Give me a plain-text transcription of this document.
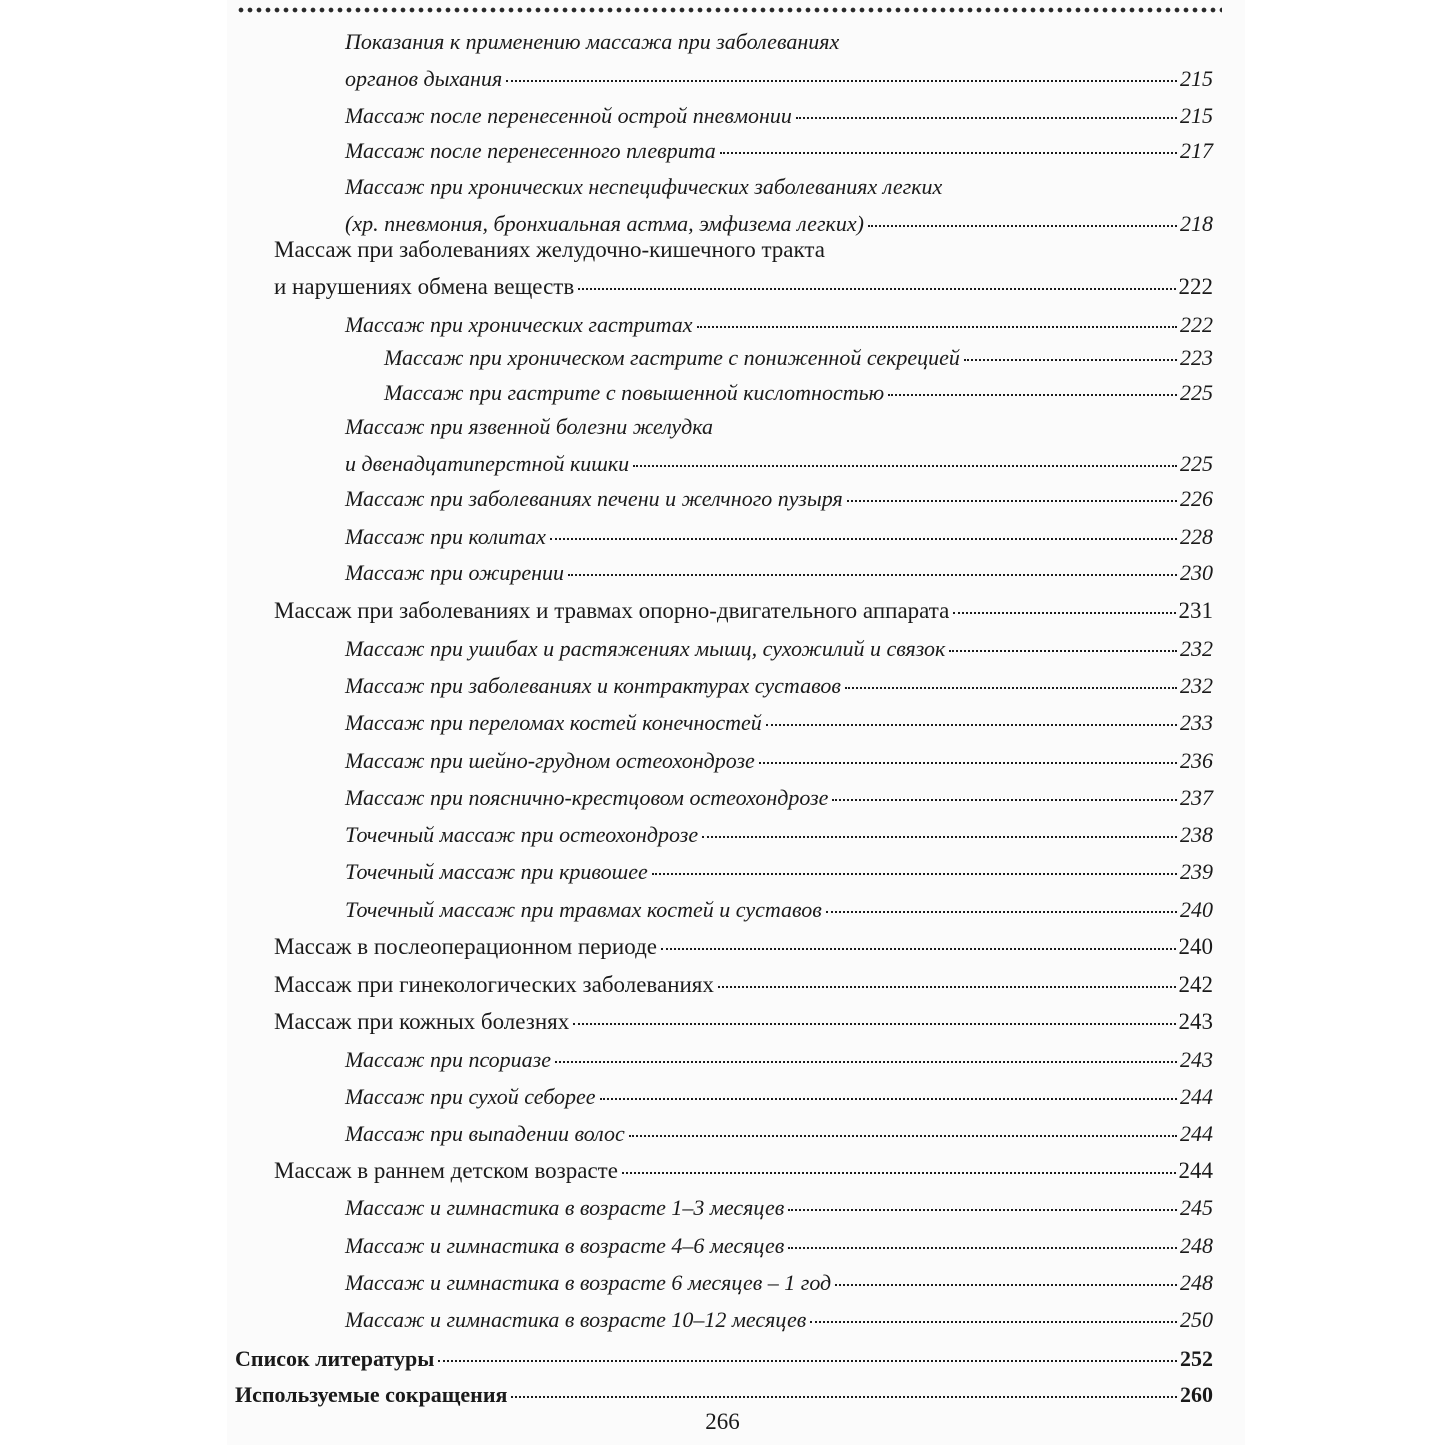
Показания к применению массажа при заболеваниях
органов дыхания	215
Массаж после перенесенной острой пневмонии	215
Массаж после перенесенного плеврита	217
Массаж при хронических неспецифических заболеваниях легких
(хр. пневмония, бронхиальная астма, эмфизема легких)	218
Массаж при заболеваниях желудочно-кишечного тракта
и нарушениях обмена веществ	222
Массаж при хронических гастритах	222
Массаж при хроническом гастрите с пониженной секрецией	223
Массаж при гастрите с повышенной кислотностью	225
Массаж при язвенной болезни желудка
и двенадцатиперстной кишки	225
Массаж при заболеваниях печени и желчного пузыря	226
Массаж при колитах	228
Массаж при ожирении	230
Массаж при заболеваниях и травмах опорно-двигательного аппарата	231
Массаж при ушибах и растяжениях мышц, сухожилий и связок	232
Массаж при заболеваниях и контрактурах суставов	232
Массаж при переломах костей конечностей	233
Массаж при шейно-грудном остеохондрозе	236
Массаж при пояснично-крестцовом остеохондрозе	237
Точечный массаж при остеохондрозе	238
Точечный массаж при кривошее	239
Точечный массаж при травмах костей и суставов	240
Массаж в послеоперационном периоде	240
Массаж при гинекологических заболеваниях	242
Массаж при кожных болезнях	243
Массаж при псориазе	243
Массаж при сухой себорее	244
Массаж при выпадении волос	244
Массаж в раннем детском возрасте	244
Массаж и гимнастика в возрасте 1–3 месяцев	245
Массаж и гимнастика в возрасте 4–6 месяцев	248
Массаж и гимнастика в возрасте 6 месяцев – 1 год	248
Массаж и гимнастика в возрасте 10–12 месяцев	250
Список литературы	252
Используемые сокращения	260
266
